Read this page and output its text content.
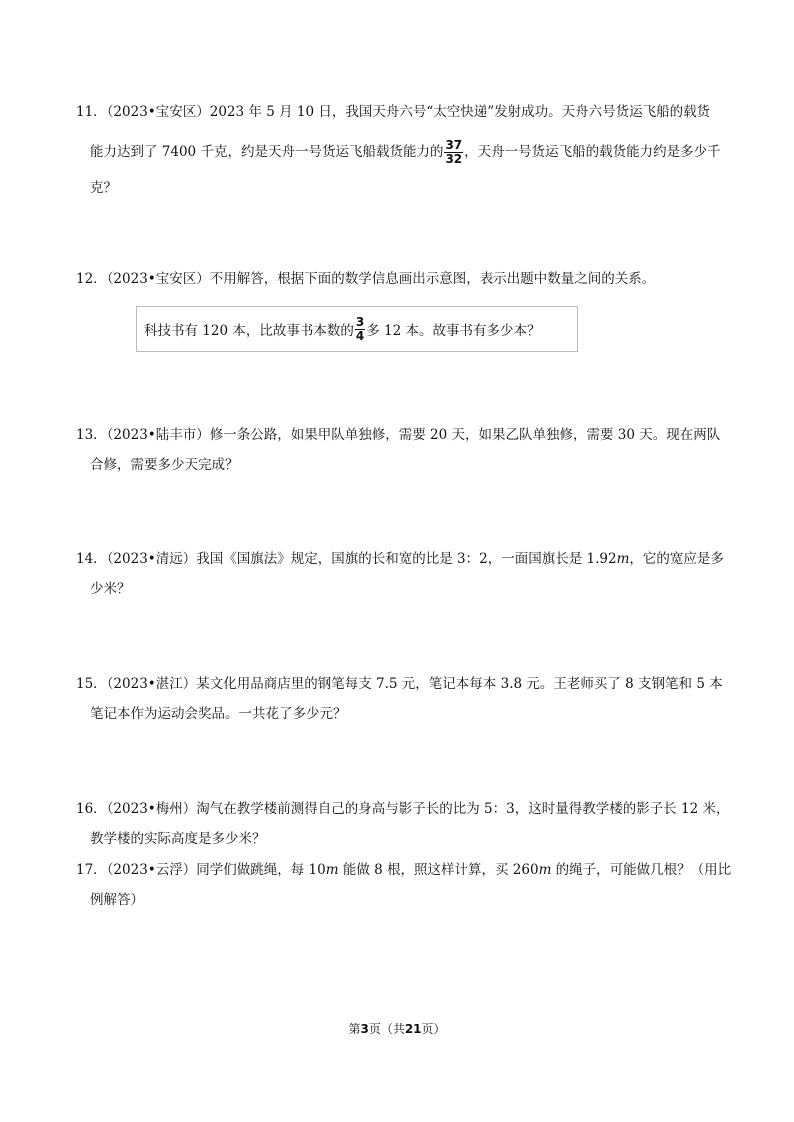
11．（2023•宝安区）2023 年 5 月 10 日，我国天舟六号“太空快递”发射成功。天舟六号货运飞船的载货
能力达到了 7400 千克，约是天舟一号货运飞船载货能力的 $\frac{37}{32}$ ，天舟一号货运飞船的载货能力约是多少千
克？
12．（2023•宝安区）不用解答，根据下面的数学信息画出示意图，表示出题中数量之间的关系。
科技书有 120 本，比故事书本数的 $\frac{3}{4}$ 多 12 本。故事书有多少本？
13．（2023•陆丰市）修一条公路，如果甲队单独修，需要 20 天，如果乙队单独修，需要 30 天。现在两队
合修，需要多少天完成？
14．（2023•清远）我国《国旗法》规定，国旗的长和宽的比是 3：2，一面国旗长是 1.92m，它的宽应是多
少米？
15．（2023•湛江）某文化用品商店里的钢笔每支 7.5 元，笔记本每本 3.8 元。王老师买了 8 支钢笔和 5 本
笔记本作为运动会奖品。一共花了多少元？
16．（2023•梅州）淘气在教学楼前测得自己的身高与影子长的比为 5：3，这时量得教学楼的影子长 12 米，
教学楼的实际高度是多少米？
17．（2023•云浮）同学们做跳绳，每 10m 能做 8 根，照这样计算，买 260m 的绳子，可能做几根？（用比
例解答）
第3页（共21页）
